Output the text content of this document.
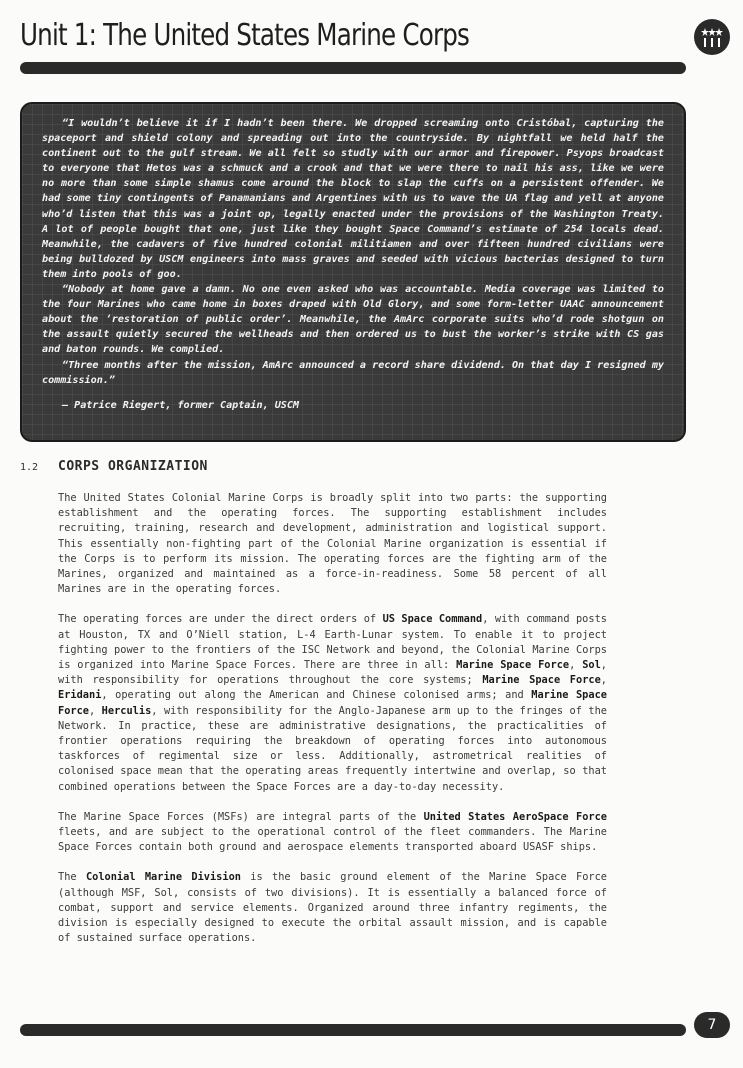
Unit 1: The United States Marine Corps

“I wouldn’t believe it if I hadn’t been there. We dropped screaming onto Cristóbal, capturing the spaceport and shield colony and spreading out into the countryside. By nightfall we held half the continent out to the gulf stream. We all felt so studly with our armor and firepower. Psyops broadcast to everyone that Hetos was a schmuck and a crook and that we were there to nail his ass, like we were no more than some simple shamus come around the block to slap the cuffs on a persistent offender. We had some tiny contingents of Panamanians and Argentines with us to wave the UA flag and yell at anyone who’d listen that this was a joint op, legally enacted under the provisions of the Washington Treaty. A lot of people bought that one, just like they bought Space Command’s estimate of 254 locals dead. Meanwhile, the cadavers of five hundred colonial militiamen and over fifteen hundred civilians were being bulldozed by USCM engineers into mass graves and seeded with vicious bacterias designed to turn them into pools of goo.

“Nobody at home gave a damn. No one even asked who was accountable. Media coverage was limited to the four Marines who came home in boxes draped with Old Glory, and some form-letter UAAC announcement about the ‘restoration of public order’. Meanwhile, the AmArc corporate suits who’d rode shotgun on the assault quietly secured the wellheads and then ordered us to bust the worker’s strike with CS gas and baton rounds. We complied.

“Three months after the mission, AmArc announced a record share dividend. On that day I resigned my commission.”

— Patrice Riegert, former Captain, USCM

1.2 CORPS ORGANIZATION

The United States Colonial Marine Corps is broadly split into two parts: the supporting establishment and the operating forces. The supporting establishment includes recruiting, training, research and development, administration and logistical support. This essentially non-fighting part of the Colonial Marine organization is essential if the Corps is to perform its mission. The operating forces are the fighting arm of the Marines, organized and maintained as a force-in-readiness. Some 58 percent of all Marines are in the operating forces.

The operating forces are under the direct orders of US Space Command, with command posts at Houston, TX and O’Niell station, L-4 Earth-Lunar system. To enable it to project fighting power to the frontiers of the ISC Network and beyond, the Colonial Marine Corps is organized into Marine Space Forces. There are three in all: Marine Space Force, Sol, with responsibility for operations throughout the core systems; Marine Space Force, Eridani, operating out along the American and Chinese colonised arms; and Marine Space Force, Herculis, with responsibility for the Anglo-Japanese arm up to the fringes of the Network. In practice, these are administrative designations, the practicalities of frontier operations requiring the breakdown of operating forces into autonomous taskforces of regimental size or less. Additionally, astrometrical realities of colonised space mean that the operating areas frequently intertwine and overlap, so that combined operations between the Space Forces are a day-to-day necessity.

The Marine Space Forces (MSFs) are integral parts of the United States AeroSpace Force fleets, and are subject to the operational control of the fleet commanders. The Marine Space Forces contain both ground and aerospace elements transported aboard USASF ships.

The Colonial Marine Division is the basic ground element of the Marine Space Force (although MSF, Sol, consists of two divisions). It is essentially a balanced force of combat, support and service elements. Organized around three infantry regiments, the division is especially designed to execute the orbital assault mission, and is capable of sustained surface operations.

7
